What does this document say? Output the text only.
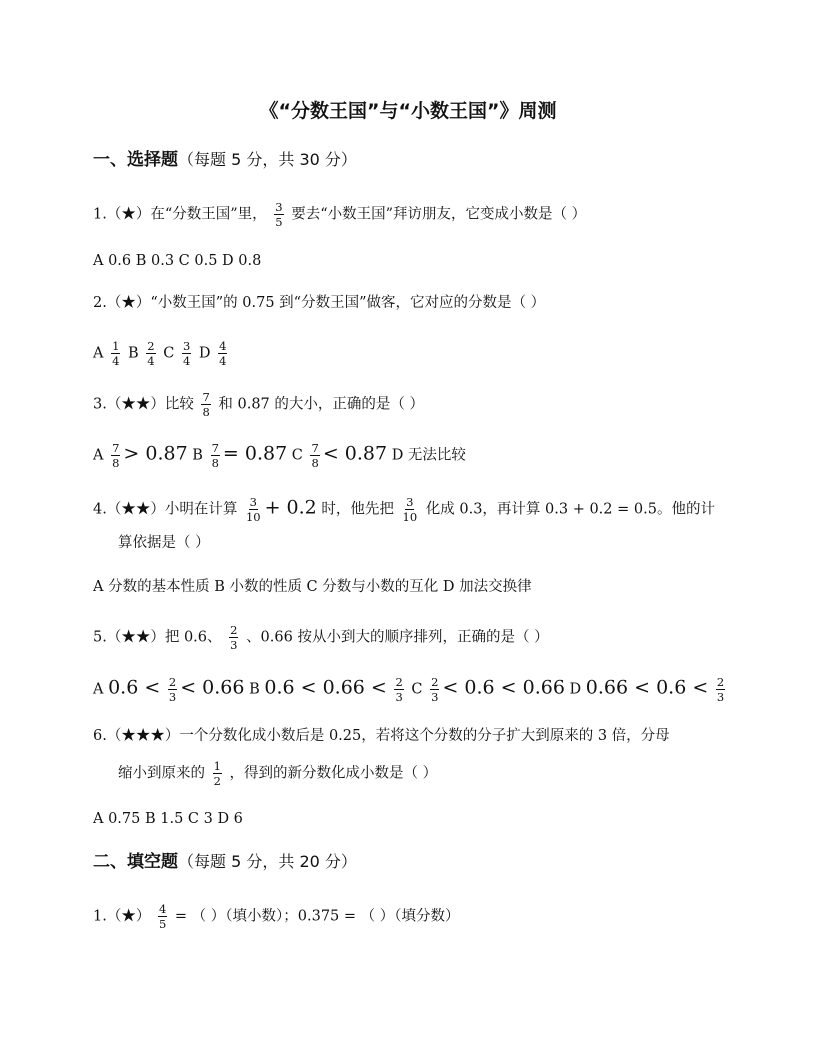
《“分数王国”与“小数王国”》周测
一、选择题（每题 5 分，共 30 分）
1.（★）在“分数王国”里， $\frac{3}{5}$ 要去“小数王国”拜访朋友，它变成小数是（ ）
A 0.6 B 0.3 C 0.5 D 0.8
2.（★）“小数王国”的 0.75 到“分数王国”做客，它对应的分数是（ ）
A $\frac{1}{4}$ B $\frac{2}{4}$ C $\frac{3}{4}$ D $\frac{4}{4}$
3.（★★）比较 $\frac{7}{8}$ 和 0.87 的大小，正确的是（ ）
A $\frac{7}{8} > 0.87$ B $\frac{7}{8} = 0.87$ C $\frac{7}{8} < 0.87$ D 无法比较
4.（★★）小明在计算 $\frac{3}{10} + 0.2$ 时，他先把 $\frac{3}{10}$ 化成 0.3，再计算 0.3 + 0.2 = 0.5。他的计
算依据是（ ）
A 分数的基本性质 B 小数的性质 C 分数与小数的互化 D 加法交换律
5.（★★）把 0.6、 $\frac{2}{3}$ 、0.66 按从小到大的顺序排列，正确的是（ ）
A $0.6 < \frac{2}{3} < 0.66$ B $0.6 < 0.66 < \frac{2}{3}$ C $\frac{2}{3} < 0.6 < 0.66$ D $0.66 < 0.6 < \frac{2}{3}$
6.（★★★）一个分数化成小数后是 0.25，若将这个分数的分子扩大到原来的 3 倍，分母
缩小到原来的 $\frac{1}{2}$ ，得到的新分数化成小数是（ ）
A 0.75 B 1.5 C 3 D 6
二、填空题（每题 5 分，共 20 分）
1.（★） $\frac{4}{5}$ = （ ）（填小数）；0.375 = （ ）（填分数）
